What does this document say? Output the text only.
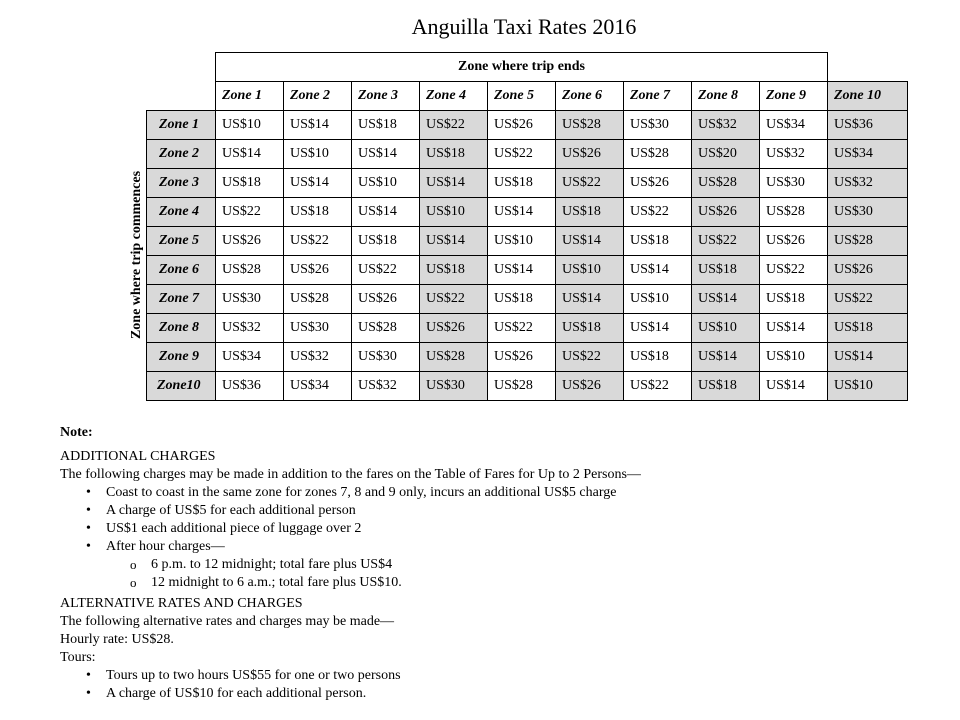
Anguilla Taxi Rates 2016
		Zone where trip ends									
		Zone 1	Zone 2	Zone 3	Zone 4	Zone 5	Zone 6	Zone 7	Zone 8	Zone 9	Zone 10

Zone where trip commences	Zone 1	US$10	US$14	US$18	US$22	US$26	US$28	US$30	US$32	US$34	US$36
	Zone 2	US$14	US$10	US$14	US$18	US$22	US$26	US$28	US$20	US$32	US$34
	Zone 3	US$18	US$14	US$10	US$14	US$18	US$22	US$26	US$28	US$30	US$32
	Zone 4	US$22	US$18	US$14	US$10	US$14	US$18	US$22	US$26	US$28	US$30
	Zone 5	US$26	US$22	US$18	US$14	US$10	US$14	US$18	US$22	US$26	US$28
	Zone 6	US$28	US$26	US$22	US$18	US$14	US$10	US$14	US$18	US$22	US$26
	Zone 7	US$30	US$28	US$26	US$22	US$18	US$14	US$10	US$14	US$18	US$22
	Zone 8	US$32	US$30	US$28	US$26	US$22	US$18	US$14	US$10	US$14	US$18
	Zone 9	US$34	US$32	US$30	US$28	US$26	US$22	US$18	US$14	US$10	US$14
	Zone10	US$36	US$34	US$32	US$30	US$28	US$26	US$22	US$18	US$14	US$10

Note:

ADDITIONAL CHARGES

The following charges may be made in addition to the fares on the Table of Fares for Up to 2 Persons—

• Coast to coast in the same zone for zones 7, 8 and 9 only, incurs an additional US$5 charge
• A charge of US$5 for each additional person
• US$1 each additional piece of luggage over 2
• After hour charges—
o 6 p.m. to 12 midnight; total fare plus US$4
o 12 midnight to 6 a.m.; total fare plus US$10.

ALTERNATIVE RATES AND CHARGES

The following alternative rates and charges may be made—

Hourly rate: US$28.

Tours:

• Tours up to two hours US$55 for one or two persons
• A charge of US$10 for each additional person.
